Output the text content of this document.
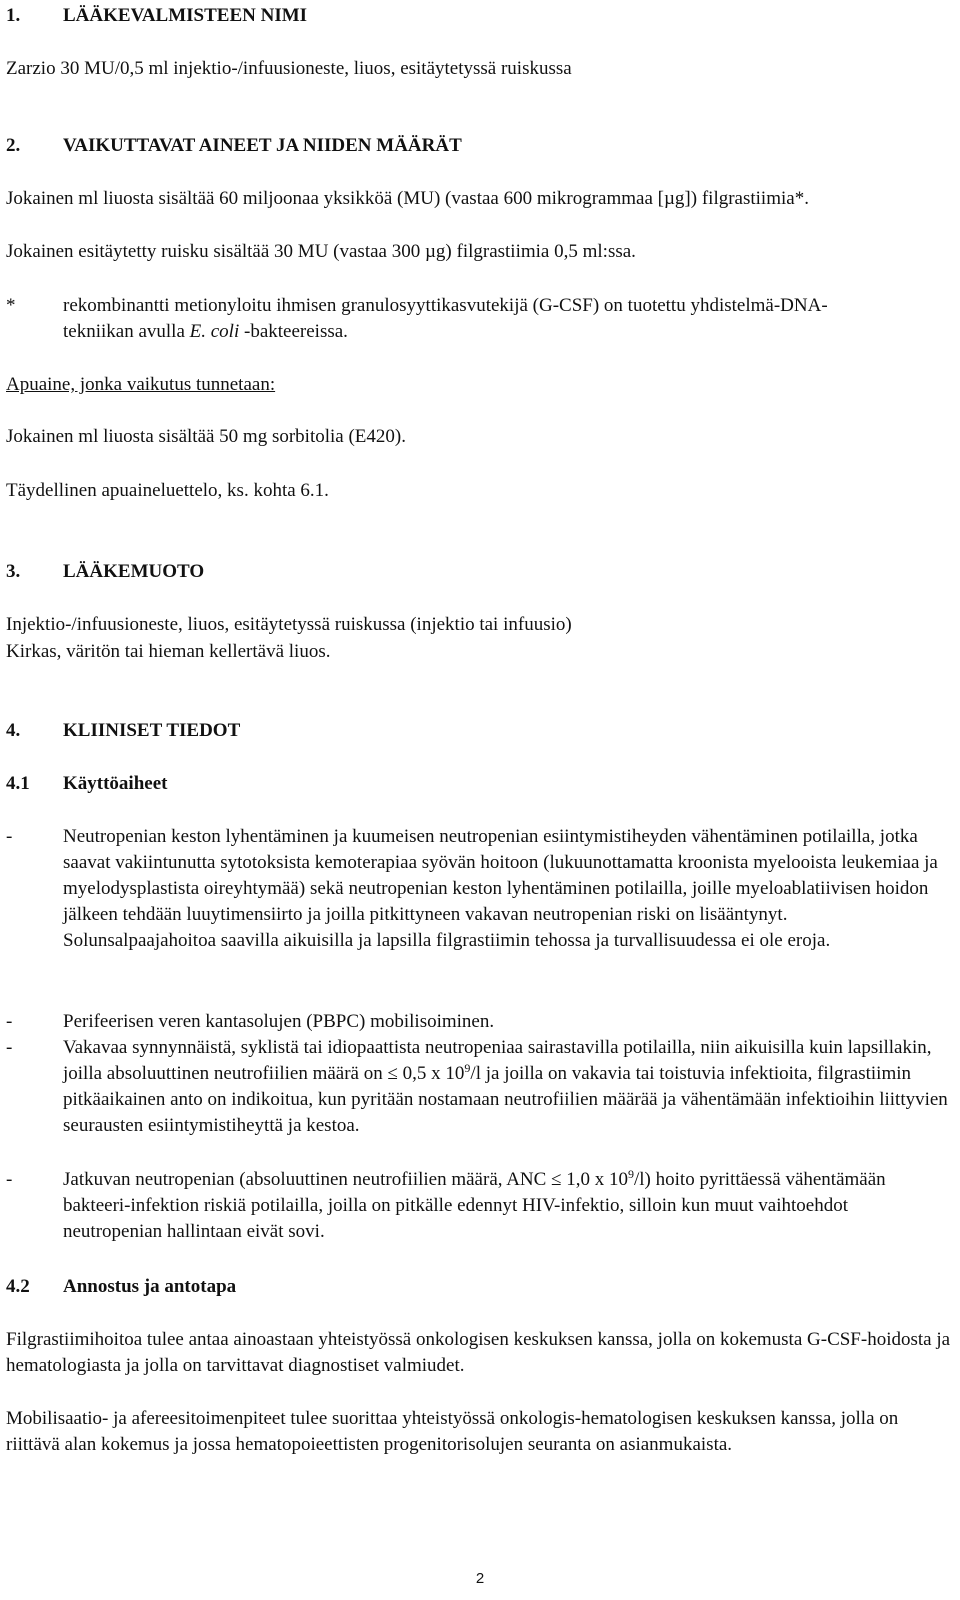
1. LÄÄKEVALMISTEEN NIMI
Zarzio 30 MU/0,5 ml injektio-/infuusioneste, liuos, esitäytetyssä ruiskussa
2. VAIKUTTAVAT AINEET JA NIIDEN MÄÄRÄT
Jokainen ml liuosta sisältää 60 miljoonaa yksikköä (MU) (vastaa 600 mikrogrammaa [µg]) filgrastiimia*.
Jokainen esitäytetty ruisku sisältää 30 MU (vastaa 300 µg) filgrastiimia 0,5 ml:ssa.
*	rekombinantti metionyloitu ihmisen granulosyyttikasvutekijä (G-CSF) on tuotettu yhdistelmä-DNA-tekniikan avulla E. coli -bakteereissa.
Apuaine, jonka vaikutus tunnetaan:
Jokainen ml liuosta sisältää 50 mg sorbitolia (E420).
Täydellinen apuaineluettelo, ks. kohta 6.1.
3. LÄÄKEMUOTO
Injektio-/infuusioneste, liuos, esitäytetyssä ruiskussa (injektio tai infuusio)
Kirkas, väritön tai hieman kellertävä liuos.
4. KLIINISET TIEDOT
4.1 Käyttöaiheet
-	Neutropenian keston lyhentäminen ja kuumeisen neutropenian esiintymistiheyden vähentäminen potilailla, jotka saavat vakiintunutta sytotoksista kemoterapiaa syövän hoitoon (lukuunottamatta kroonista myelooista leukemiaa ja myelodysplastista oireyhtymää) sekä neutropenian keston lyhentäminen potilailla, joille myeloablatiivisen hoidon jälkeen tehdään luuytimensiirto ja joilla pitkittyneen vakavan neutropenian riski on lisääntynyt.
Solunsalpaajahoitoa saavilla aikuisilla ja lapsilla filgrastiimin tehossa ja turvallisuudessa ei ole eroja.
-	Perifeerisen veren kantasolujen (PBPC) mobilisoiminen.
-	Vakavaa synnynnäistä, syklistä tai idiopaattista neutropeniaa sairastavilla potilailla, niin aikuisilla kuin lapsillakin, joilla absoluuttinen neutrofiilien määrä on ≤ 0,5 x $10^9/l$ ja joilla on vakavia tai toistuvia infektioita, filgrastiimin pitkäaikainen anto on indikoitua, kun pyritään nostamaan neutrofiilien määrää ja vähentämään infektioihin liittyvien seurausten esiintymistiheyttä ja kestoa.
-	Jatkuvan neutropenian (absoluuttinen neutrofiilien määrä, ANC ≤ 1,0 x $10^9/l$) hoito pyrittäessä vähentämään bakteeri-infektion riskiä potilailla, joilla on pitkälle edennyt HIV-infektio, silloin kun muut vaihtoehdot neutropenian hallintaan eivät sovi.
4.2 Annostus ja antotapa
Filgrastiimihoitoa tulee antaa ainoastaan yhteistyössä onkologisen keskuksen kanssa, jolla on kokemusta G-CSF-hoidosta ja hematologiasta ja jolla on tarvittavat diagnostiset valmiudet.
Mobilisaatio- ja afereesitoimenpiteet tulee suorittaa yhteistyössä onkologis-hematologisen keskuksen kanssa, jolla on riittävä alan kokemus ja jossa hematopoieettisten progenitorisolujen seuranta on asianmukaista.
2
